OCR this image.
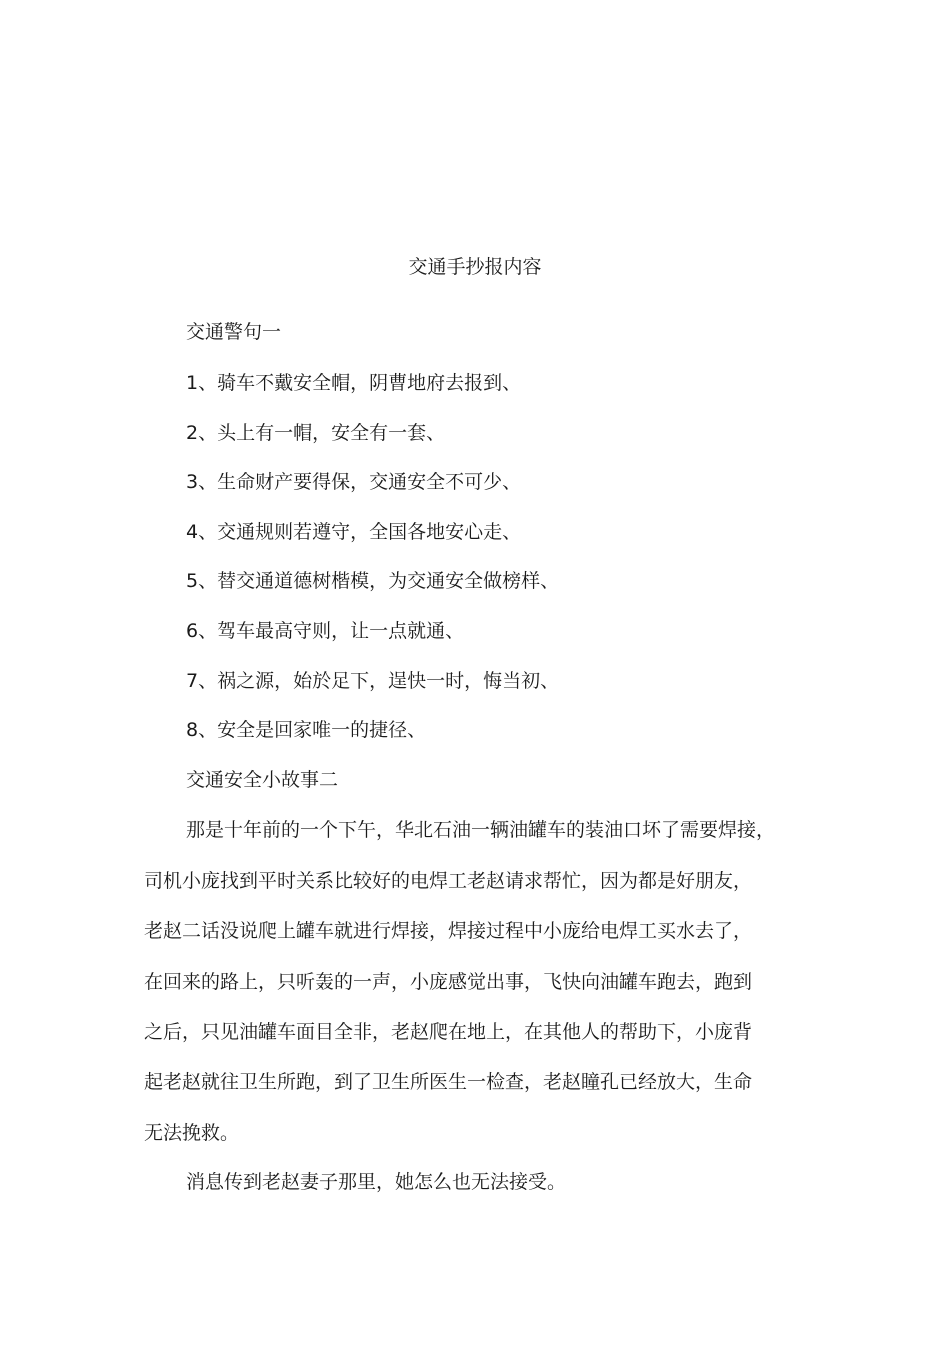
交通手抄报内容

交通警句一

1、骑车不戴安全帽，阴曹地府去报到、

2、头上有一帽，安全有一套、

3、生命财产要得保，交通安全不可少、

4、交通规则若遵守，全国各地安心走、

5、替交通道德树楷模，为交通安全做榜样、

6、驾车最高守则，让一点就通、

7、祸之源，始於足下，逞快一时，悔当初、

8、安全是回家唯一的捷径、

交通安全小故事二

那是十年前的一个下午，华北石油一辆油罐车的装油口坏了需要焊接，

司机小庞找到平时关系比较好的电焊工老赵请求帮忙，因为都是好朋友，

老赵二话没说爬上罐车就进行焊接，焊接过程中小庞给电焊工买水去了，

在回来的路上，只听轰的一声，小庞感觉出事，飞快向油罐车跑去，跑到

之后，只见油罐车面目全非，老赵爬在地上，在其他人的帮助下，小庞背

起老赵就往卫生所跑，到了卫生所医生一检查，老赵瞳孔已经放大，生命

无法挽救。

消息传到老赵妻子那里，她怎么也无法接受。
